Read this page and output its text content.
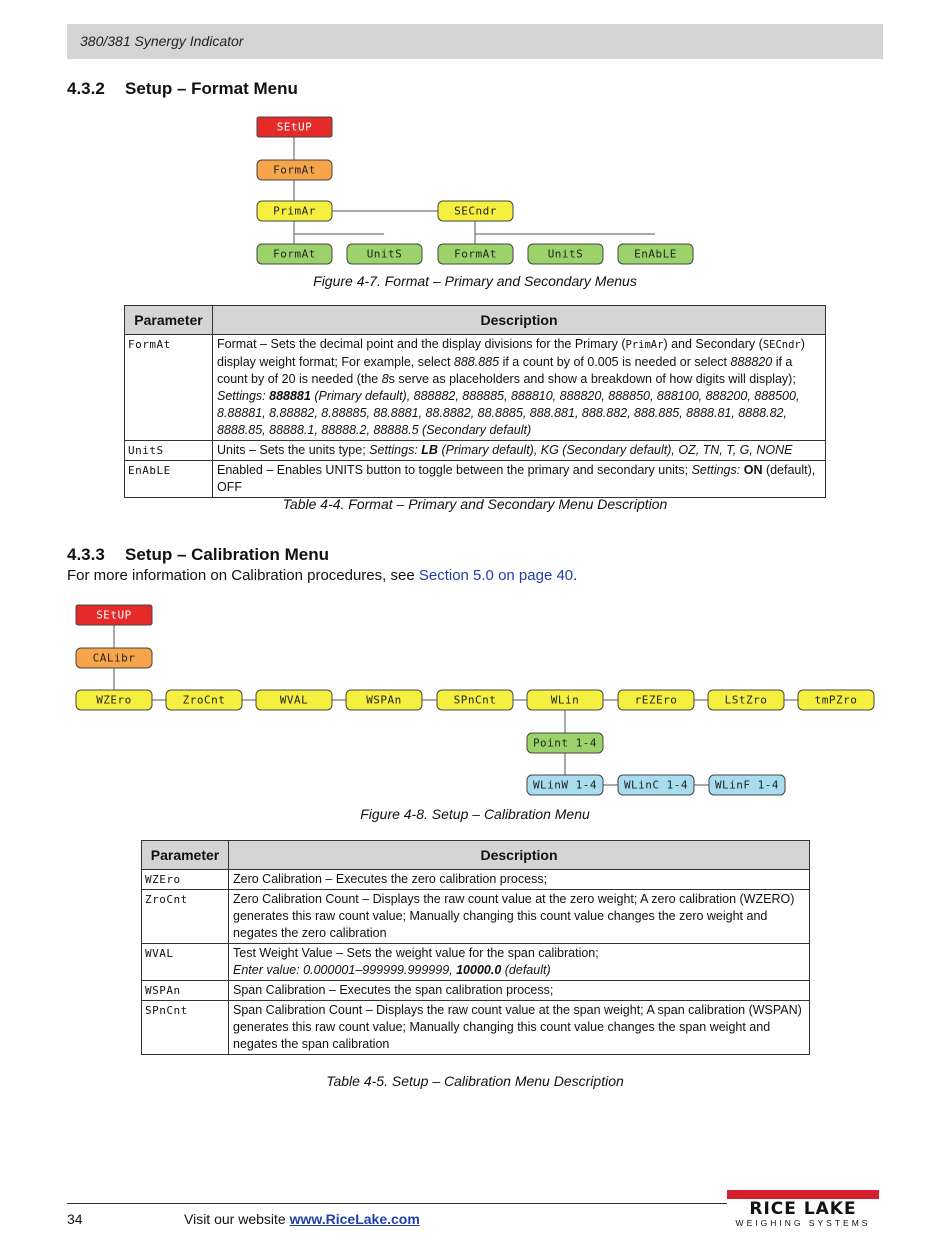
380/381 Synergy Indicator
4.3.2 Setup – Format Menu
SEtUP
FormAt
PrimAr	SECndr
FormAt	UnitS	FormAt	UnitS	EnAbLE
Figure 4-7. Format – Primary and Secondary Menus
Parameter	Description
FormAt	Format – Sets the decimal point and the display divisions for the Primary (PrimAr) and Secondary (SECndr) display weight format; For example, select 888.885 if a count by of 0.005 is needed or select 888820 if a count by of 20 is needed (the 8s serve as placeholders and show a breakdown of how digits will display);
Settings: 888881 (Primary default), 888882, 888885, 888810, 888820, 888850, 888100, 888200, 888500, 8.88881, 8.88882, 8.88885, 88.8881, 88.8882, 88.8885, 888.881, 888.882, 888.885, 8888.81, 8888.82, 8888.85, 88888.1, 88888.2, 88888.5 (Secondary default)
UnitS	Units – Sets the units type; Settings: LB (Primary default), KG (Secondary default), OZ, TN, T, G, NONE
EnAbLE	Enabled – Enables UNITS button to toggle between the primary and secondary units; Settings: ON (default), OFF
Table 4-4. Format – Primary and Secondary Menu Description
4.3.3 Setup – Calibration Menu
For more information on Calibration procedures, see Section 5.0 on page 40.
SEtUP
CALibr
WZEro	ZroCnt	WVAL	WSPAn	SPnCnt	WLin	rEZEro	LStZro	tmPZro
Point 1-4
WLinW 1-4 WLinC 1-4 WLinF 1-4
Figure 4-8. Setup – Calibration Menu
Parameter	Description
WZEro	Zero Calibration – Executes the zero calibration process;
ZroCnt	Zero Calibration Count – Displays the raw count value at the zero weight; A zero calibration (WZERO) generates this raw count value; Manually changing this count value changes the zero weight and negates the zero calibration
WVAL	Test Weight Value – Sets the weight value for the span calibration;
Enter value: 0.000001–999999.999999, 10000.0 (default)
WSPAn	Span Calibration – Executes the span calibration process;
SPnCnt	Span Calibration Count – Displays the raw count value at the span weight; A span calibration (WSPAN) generates this raw count value; Manually changing this count value changes the span weight and negates the span calibration
Table 4-5. Setup – Calibration Menu Description
34	Visit our website www.RiceLake.com	RICE LAKE
WEIGHING SYSTEMS
